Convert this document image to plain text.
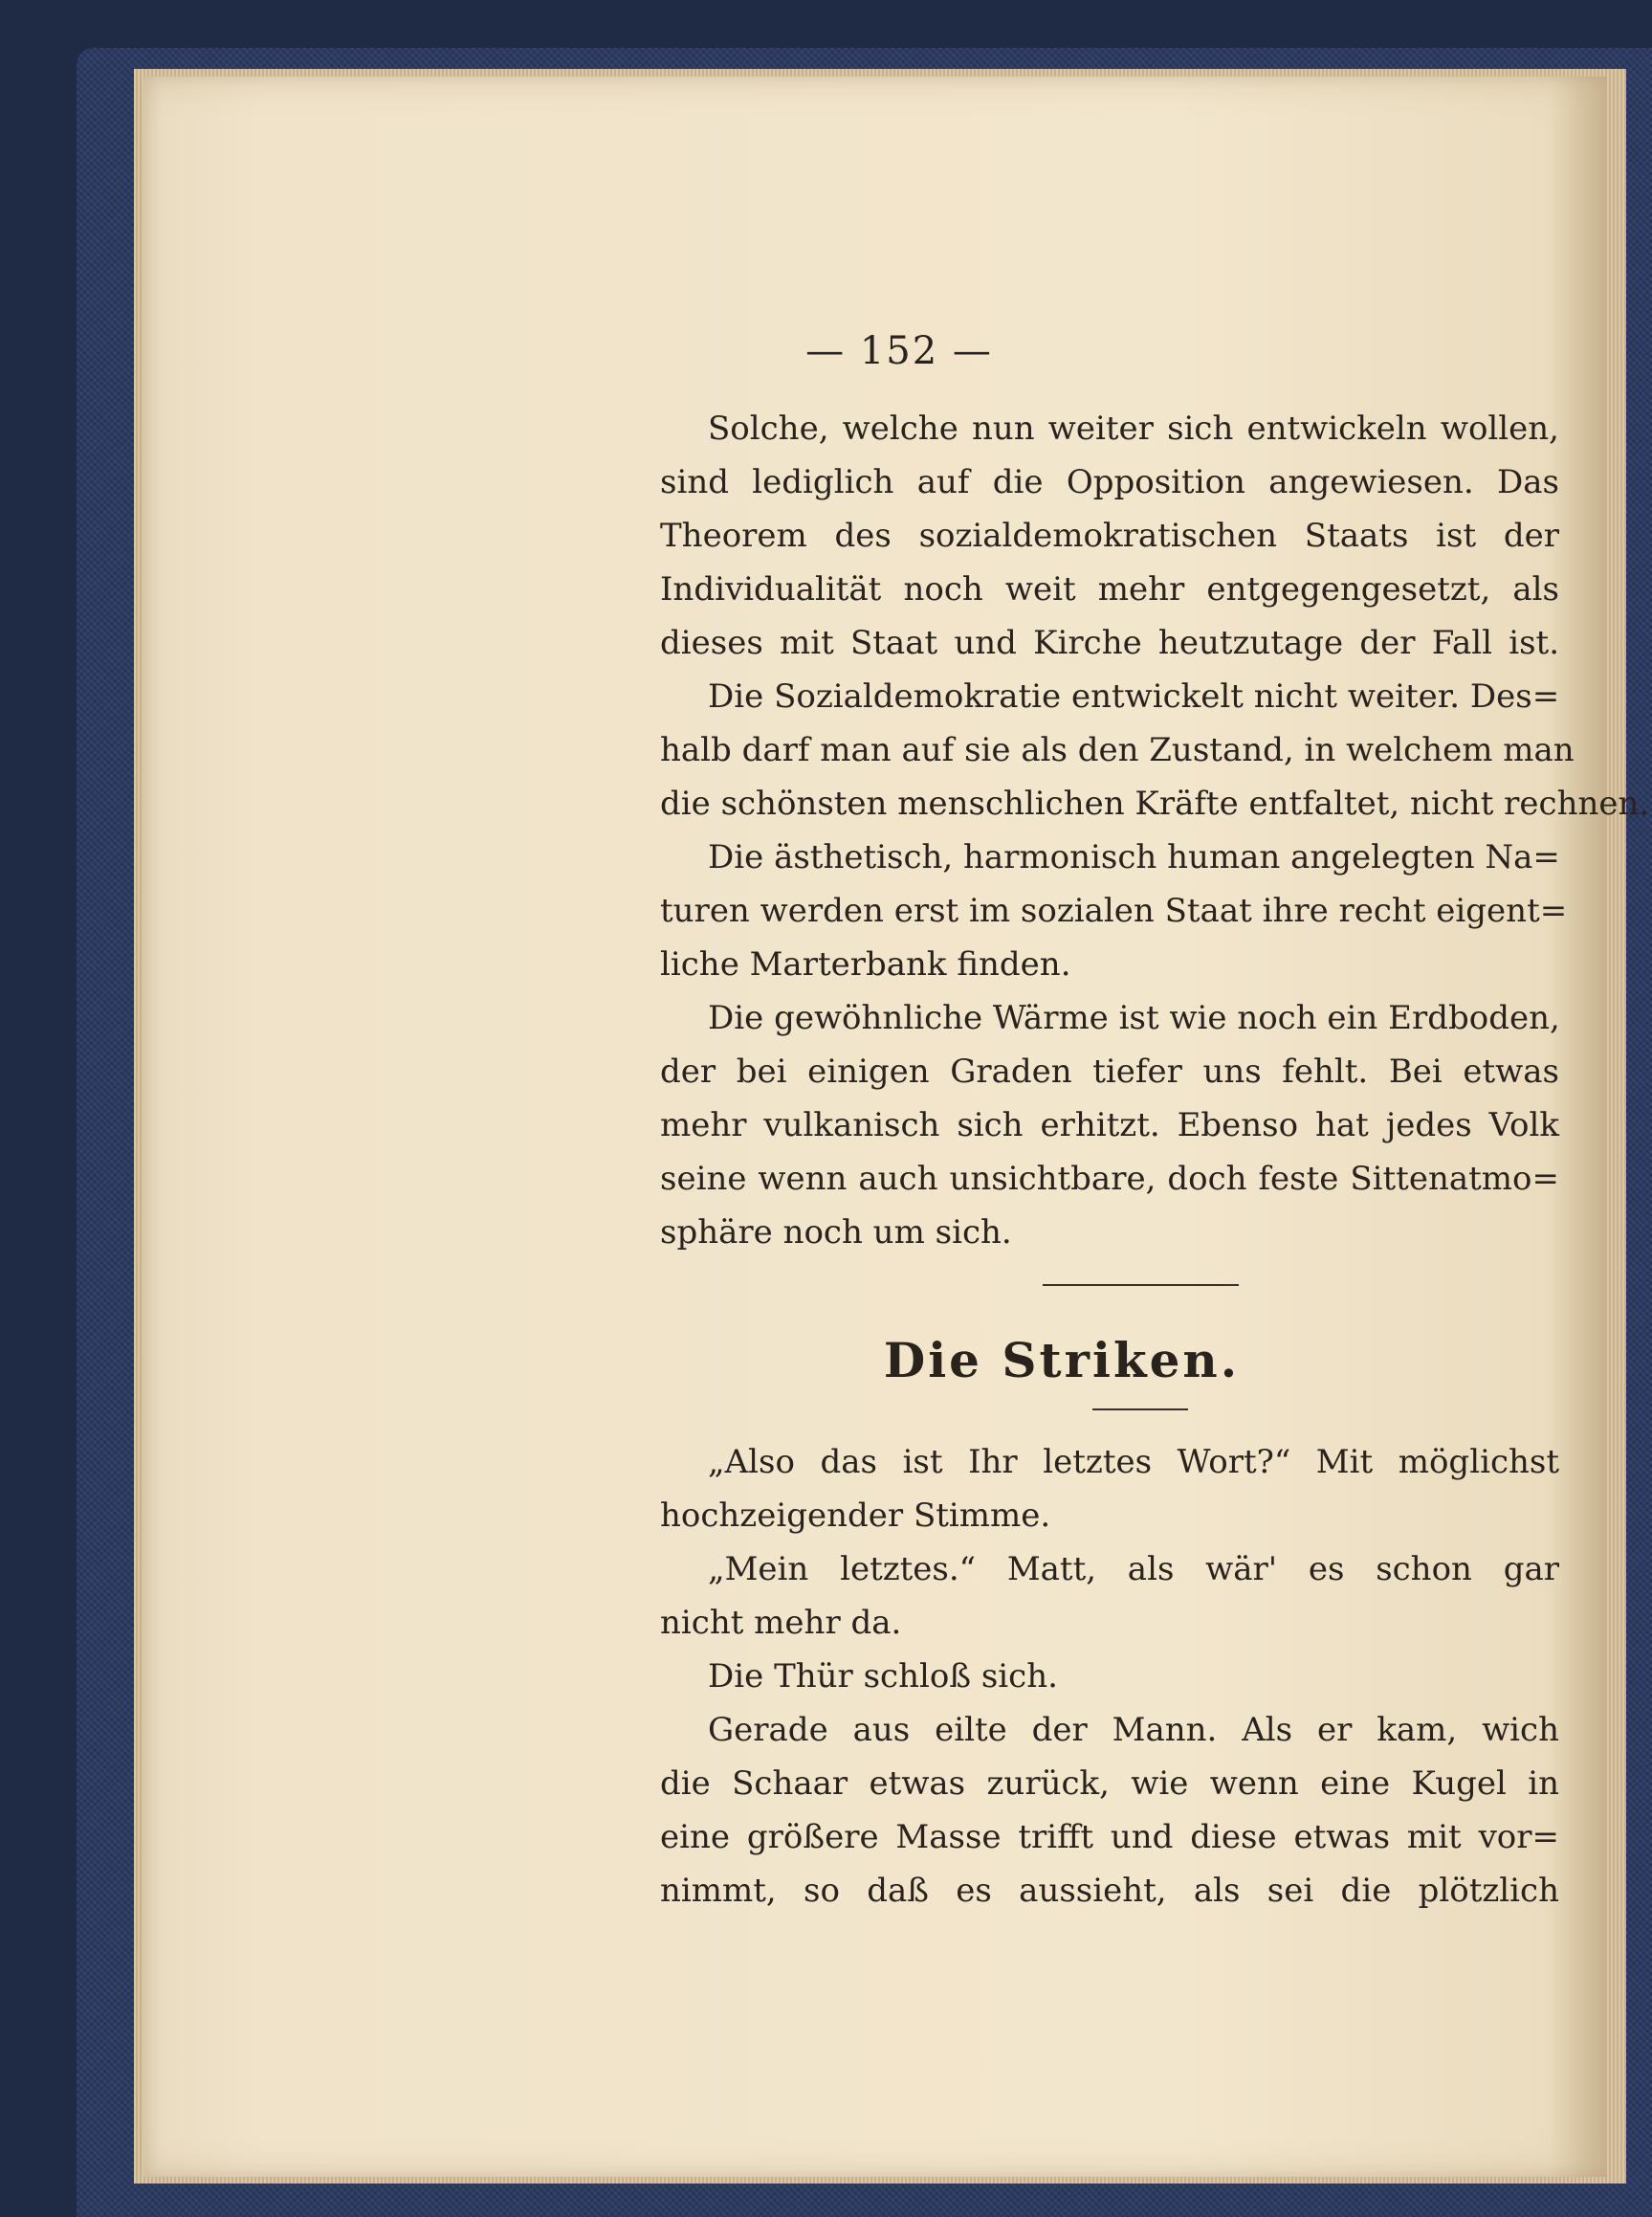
— 152 —
Solche, welche nun weiter sich entwickeln wollen,
sind lediglich auf die Opposition angewiesen. Das
Theorem des sozialdemokratischen Staats ist der
Individualität noch weit mehr entgegengesetzt, als
dieses mit Staat und Kirche heutzutage der Fall ist.
Die Sozialdemokratie entwickelt nicht weiter. Des=
halb darf man auf sie als den Zustand, in welchem man
die schönsten menschlichen Kräfte entfaltet, nicht rechnen.
Die ästhetisch, harmonisch human angelegten Na=
turen werden erst im sozialen Staat ihre recht eigent=
liche Marterbank finden.
Die gewöhnliche Wärme ist wie noch ein Erdboden,
der bei einigen Graden tiefer uns fehlt. Bei etwas
mehr vulkanisch sich erhitzt. Ebenso hat jedes Volk
seine wenn auch unsichtbare, doch feste Sittenatmo=
sphäre noch um sich.
Die Striken.
„Also das ist Ihr letztes Wort?“ Mit möglichst
hochzeigender Stimme.
„Mein letztes.“ Matt, als wär' es schon gar
nicht mehr da.
Die Thür schloß sich.
Gerade aus eilte der Mann. Als er kam, wich
die Schaar etwas zurück, wie wenn eine Kugel in
eine größere Masse trifft und diese etwas mit vor=
nimmt, so daß es aussieht, als sei die plötzlich
